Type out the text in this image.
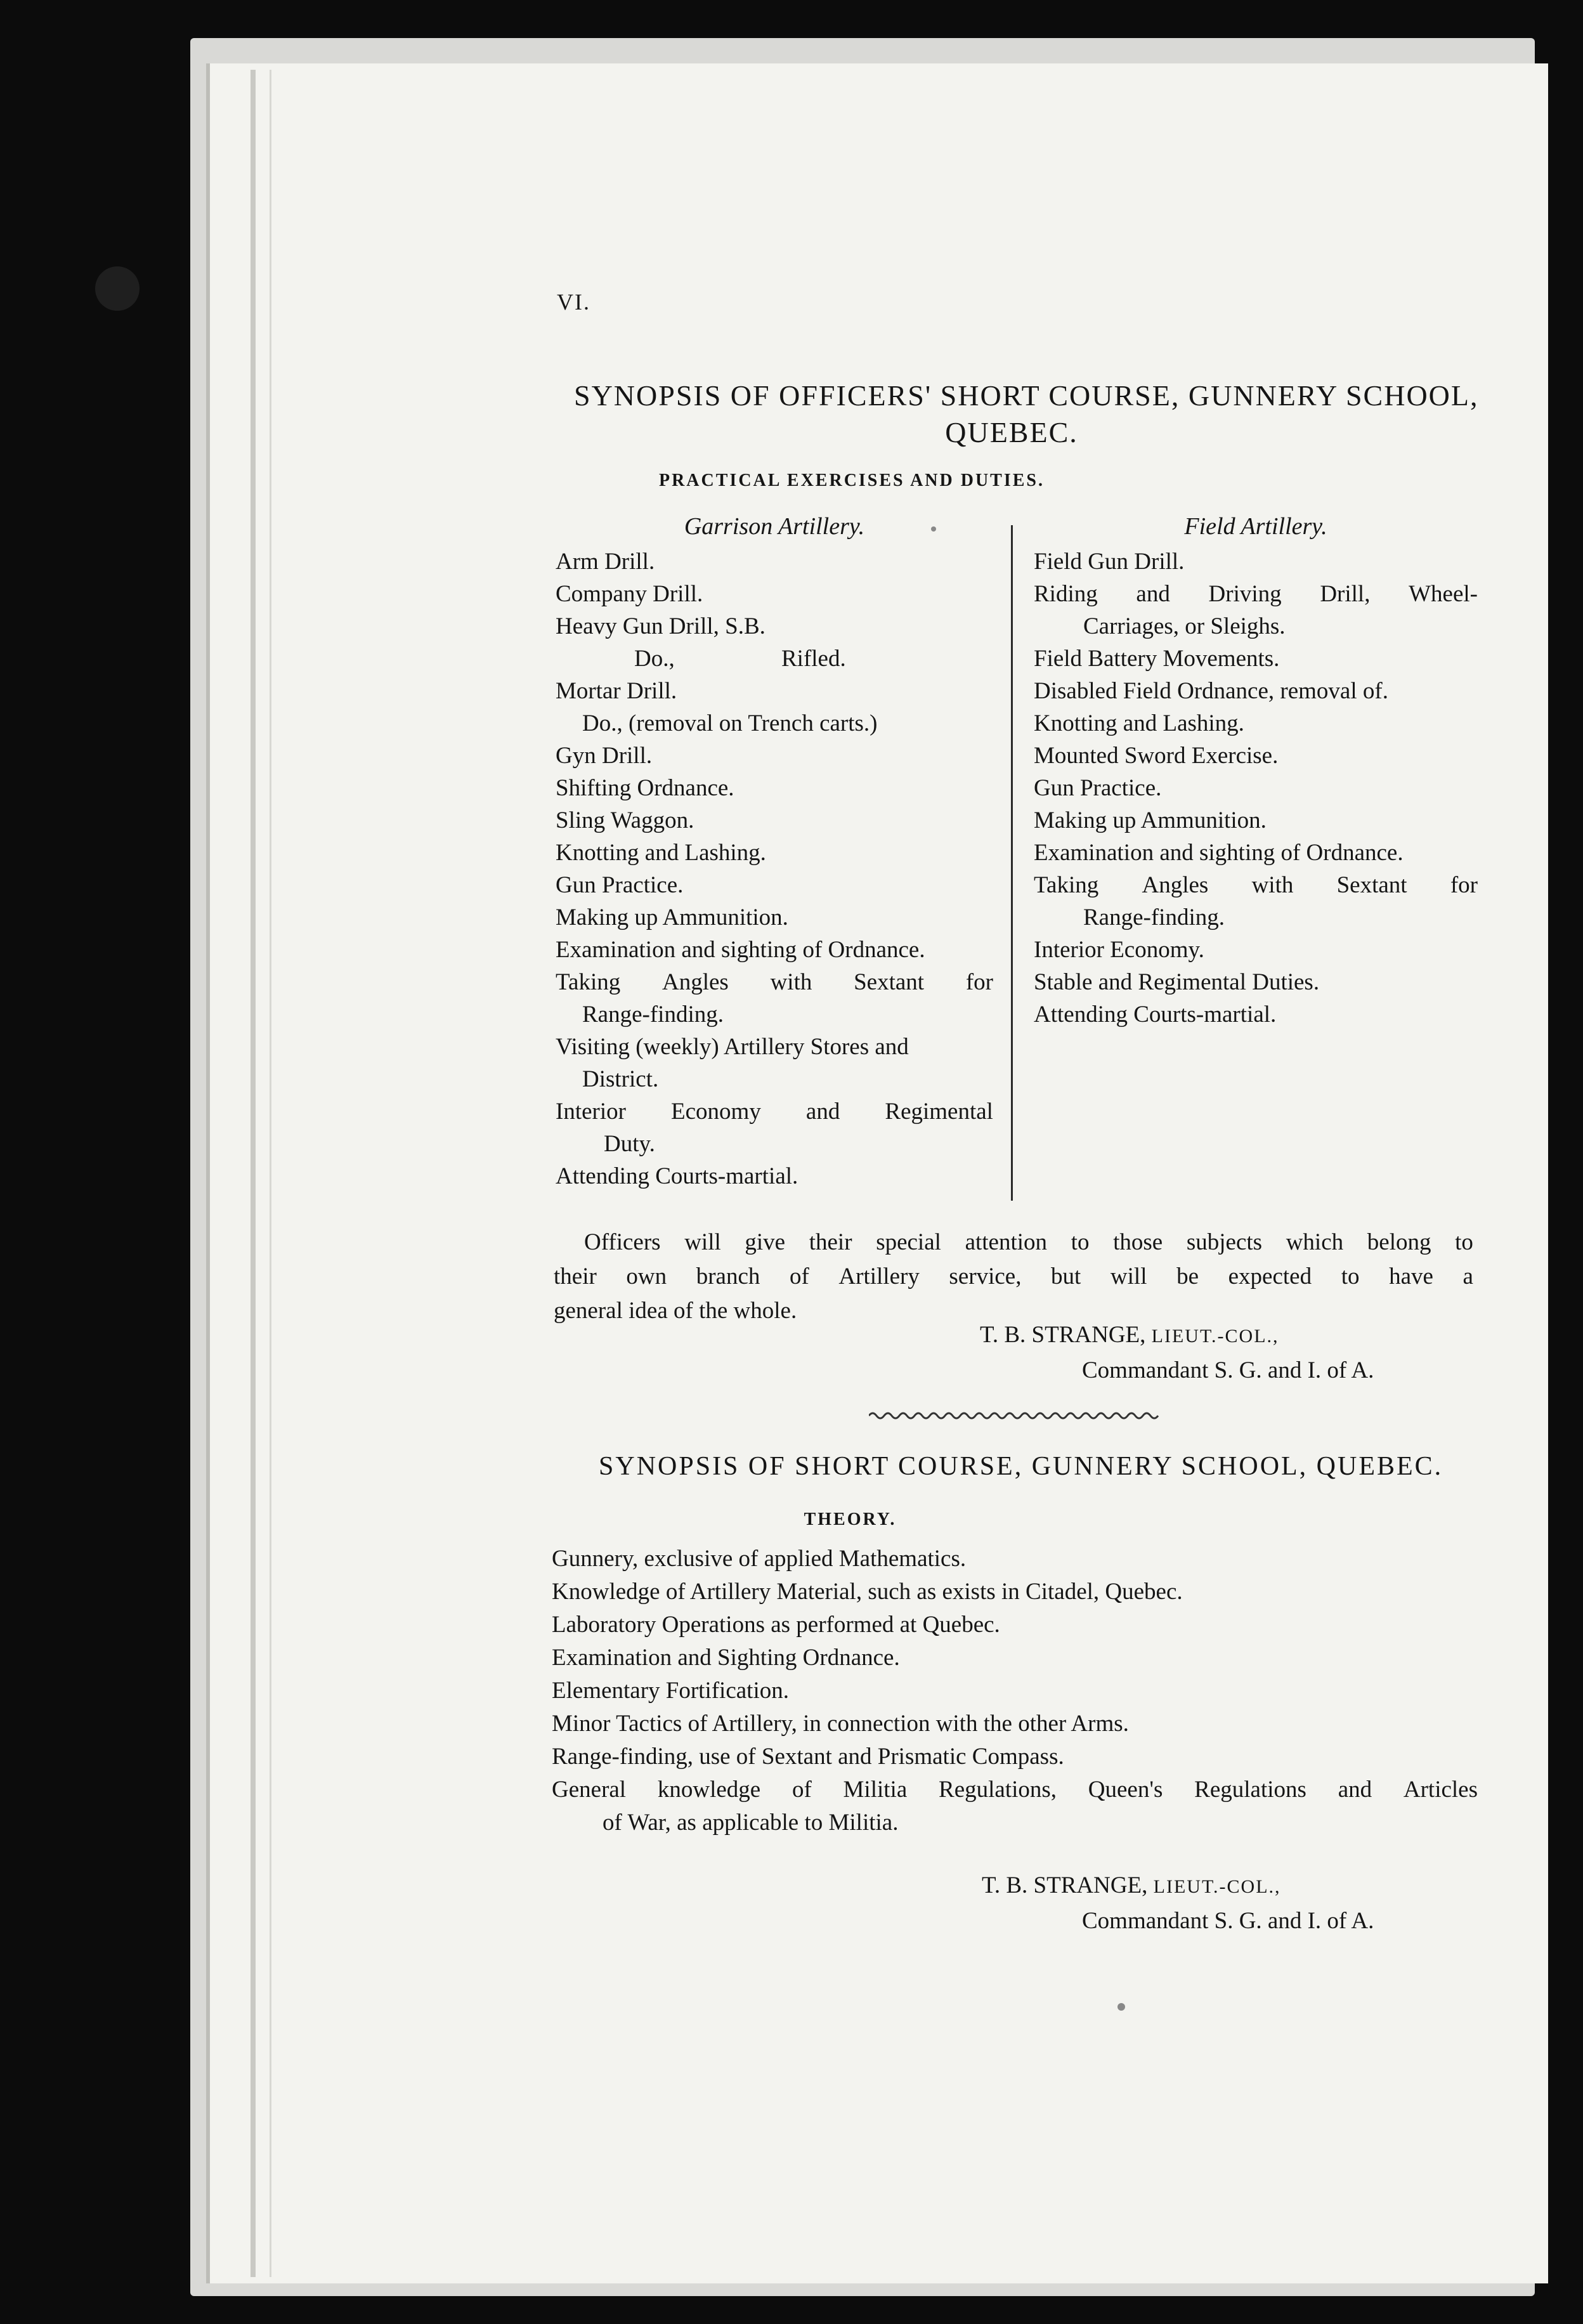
VI.
SYNOPSIS OF OFFICERS' SHORT COURSE, GUNNERY SCHOOL,
QUEBEC.
PRACTICAL EXERCISES AND DUTIES.
Garrison Artillery.
Arm Drill.
Company Drill.
Heavy Gun Drill, S.B.
Do.,	Rifled.
Mortar Drill.
Do., (removal on Trench carts.)
Gyn Drill.
Shifting Ordnance.
Sling Waggon.
Knotting and Lashing.
Gun Practice.
Making up Ammunition.
Examination and sighting of Ordnance.
Taking Angles with Sextant for
Range-finding.
Visiting (weekly) Artillery Stores and
District.
Interior Economy and Regimental
Duty.
Attending Courts-martial.
Field Artillery.
Field Gun Drill.
Riding and Driving Drill, Wheel-
Carriages, or Sleighs.
Field Battery Movements.
Disabled Field Ordnance, removal of.
Knotting and Lashing.
Mounted Sword Exercise.
Gun Practice.
Making up Ammunition.
Examination and sighting of Ordnance.
Taking Angles with Sextant for
Range-finding.
Interior Economy.
Stable and Regimental Duties.
Attending Courts-martial.
Officers will give their special attention to those subjects which belong to
their own branch of Artillery service, but will be expected to have a
general idea of the whole.
T. B. STRANGE, LIEUT.-COL.,
Commandant S. G. and I. of A.
SYNOPSIS OF SHORT COURSE, GUNNERY SCHOOL, QUEBEC.
THEORY.
Gunnery, exclusive of applied Mathematics.
Knowledge of Artillery Material, such as exists in Citadel, Quebec.
Laboratory Operations as performed at Quebec.
Examination and Sighting Ordnance.
Elementary Fortification.
Minor Tactics of Artillery, in connection with the other Arms.
Range-finding, use of Sextant and Prismatic Compass.
General knowledge of Militia Regulations, Queen's Regulations and Articles
of War, as applicable to Militia.
T. B. STRANGE, LIEUT.-COL.,
Commandant S. G. and I. of A.
